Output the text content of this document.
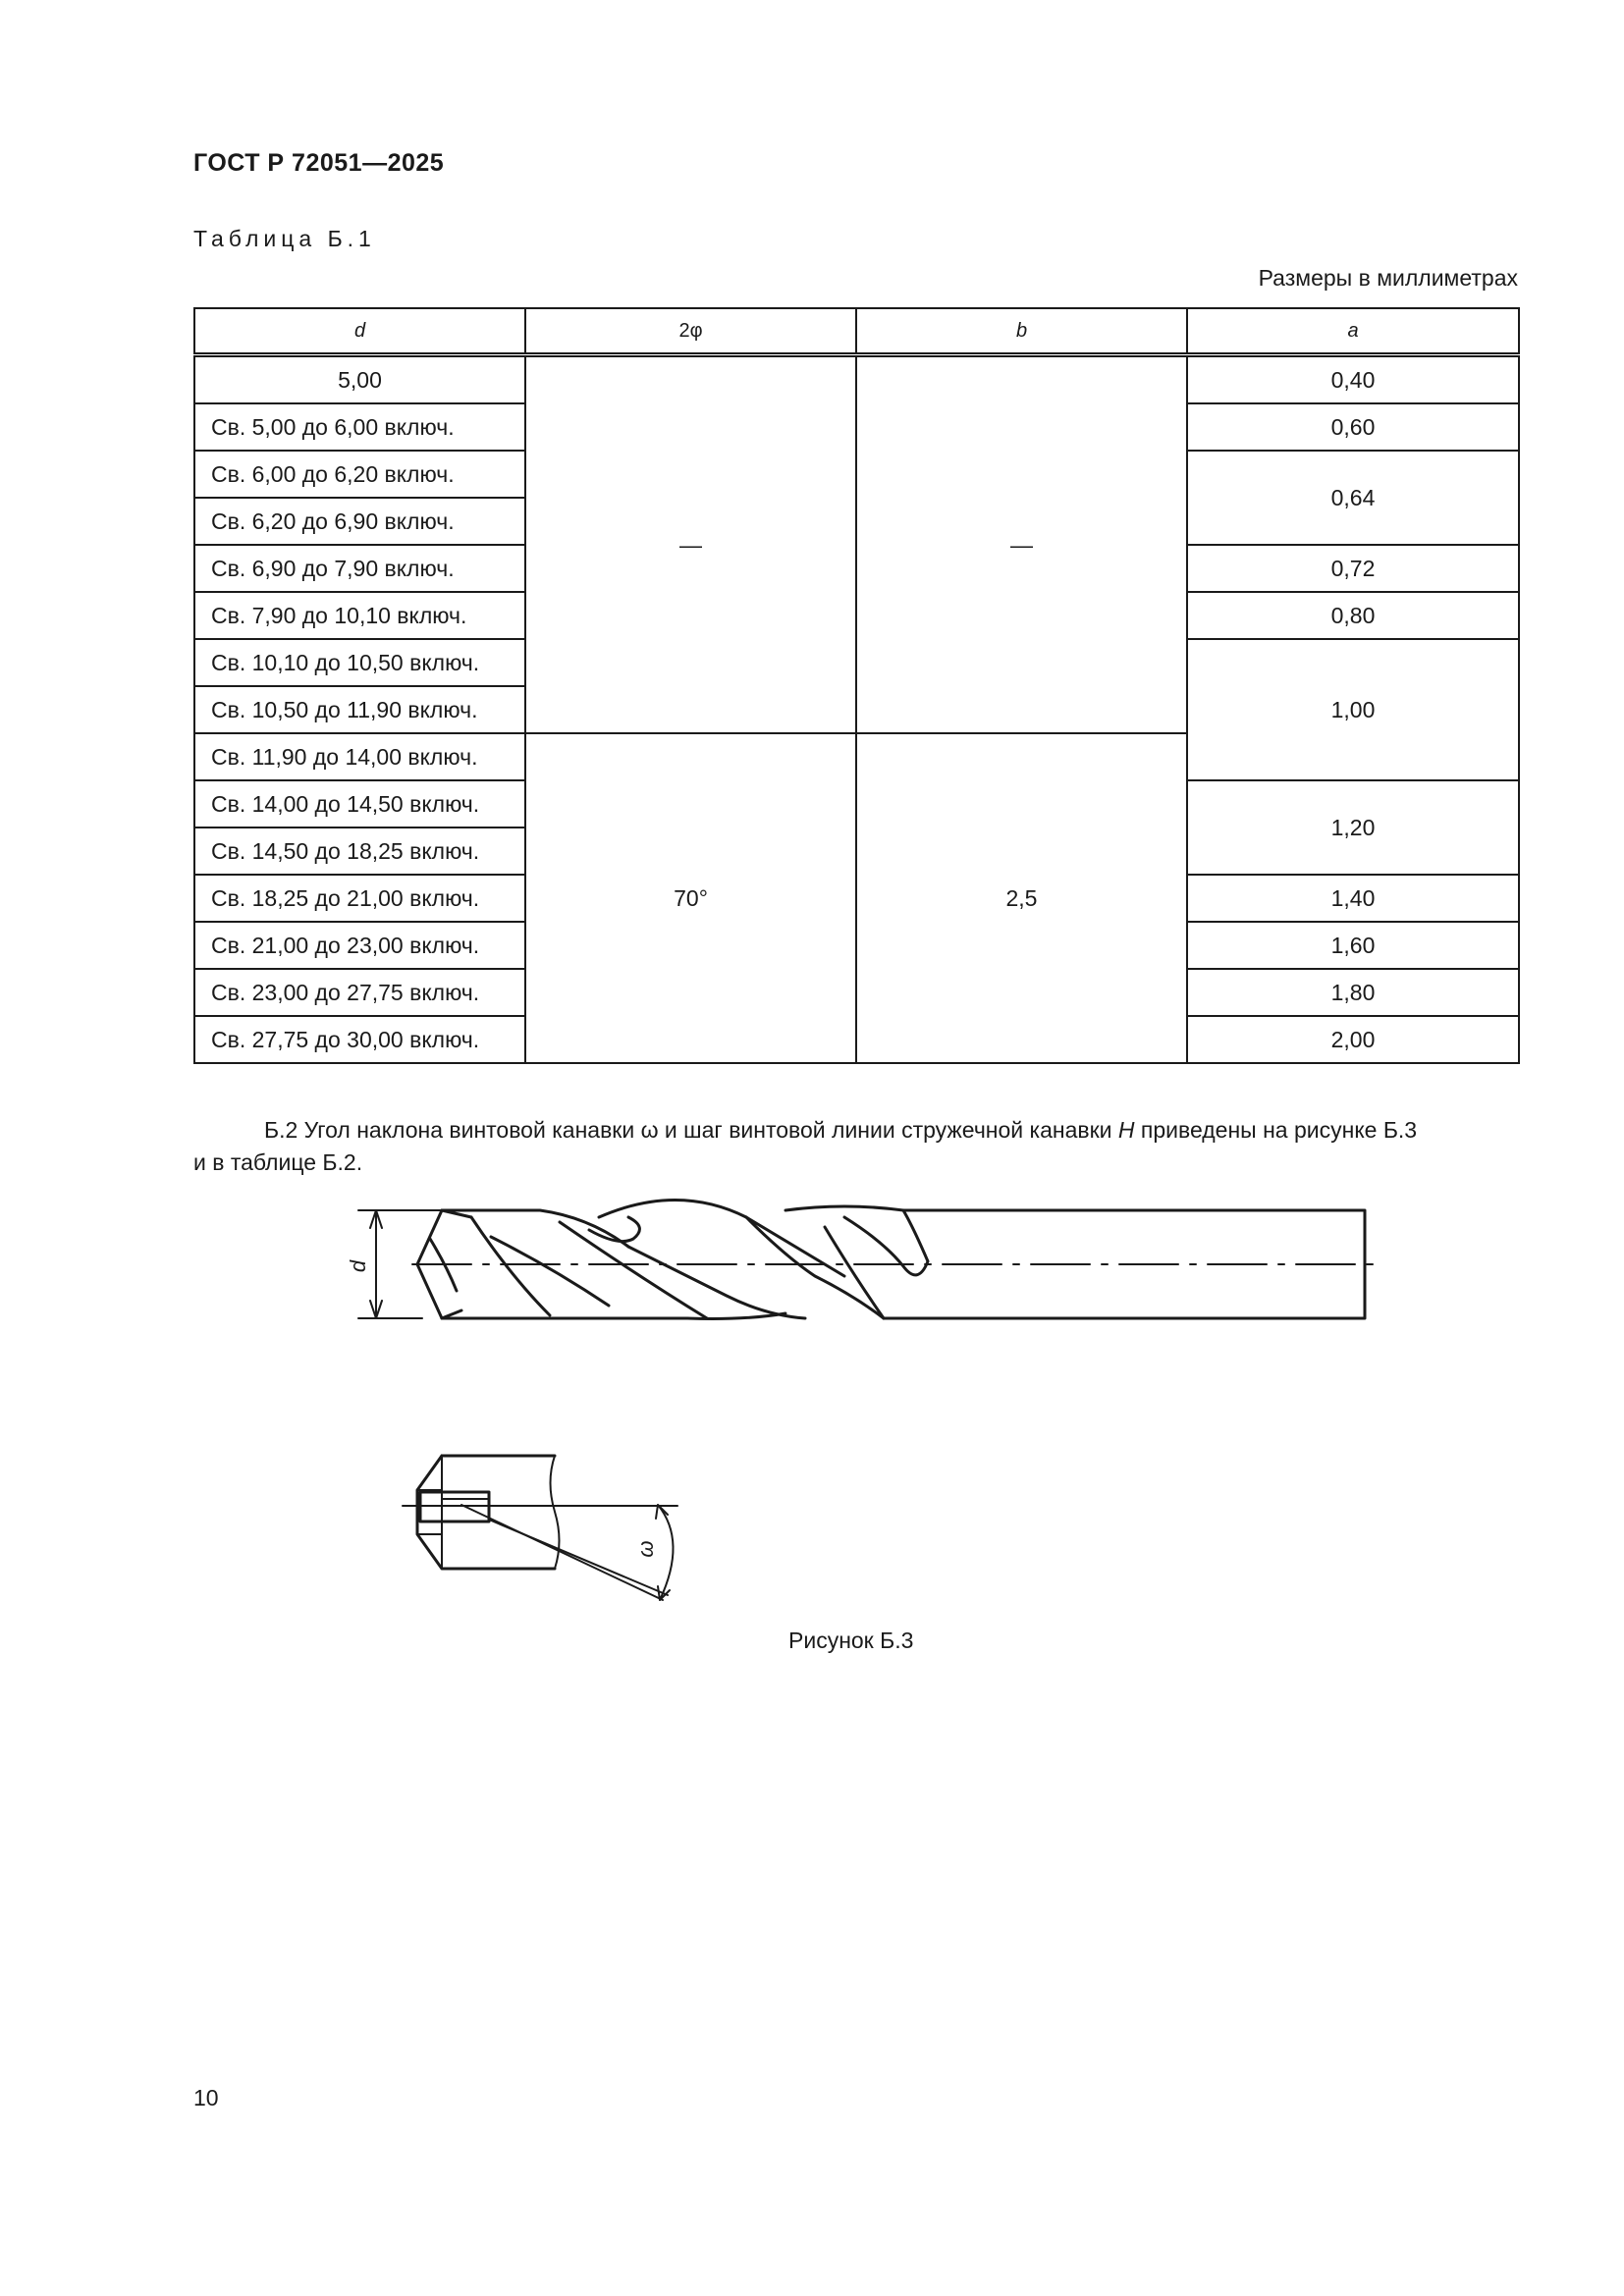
ГОСТ Р 72051—2025
Таблица Б.1
Размеры в миллиметрах
d	2φ	b	a
5,00	—	—	0,40
Св. 5,00 до 6,00 включ.			0,60
Св. 6,00 до 6,20 включ.			0,64
Св. 6,20 до 6,90 включ.			
Св. 6,90 до 7,90 включ.			0,72
Св. 7,90 до 10,10 включ.			0,80
Св. 10,10 до 10,50 включ.			1,00
Св. 10,50 до 11,90 включ.			
Св. 11,90 до 14,00 включ.	70°	2,5	
Св. 14,00 до 14,50 включ.			1,20
Св. 14,50 до 18,25 включ.			
Св. 18,25 до 21,00 включ.			1,40
Св. 21,00 до 23,00 включ.			1,60
Св. 23,00 до 27,75 включ.			1,80
Св. 27,75 до 30,00 включ.			2,00
Б.2 Угол наклона винтовой канавки ω и шаг винтовой линии стружечной канавки H приведены на рисунке Б.3
и в таблице Б.2.
d
ω
Рисунок Б.3
10
